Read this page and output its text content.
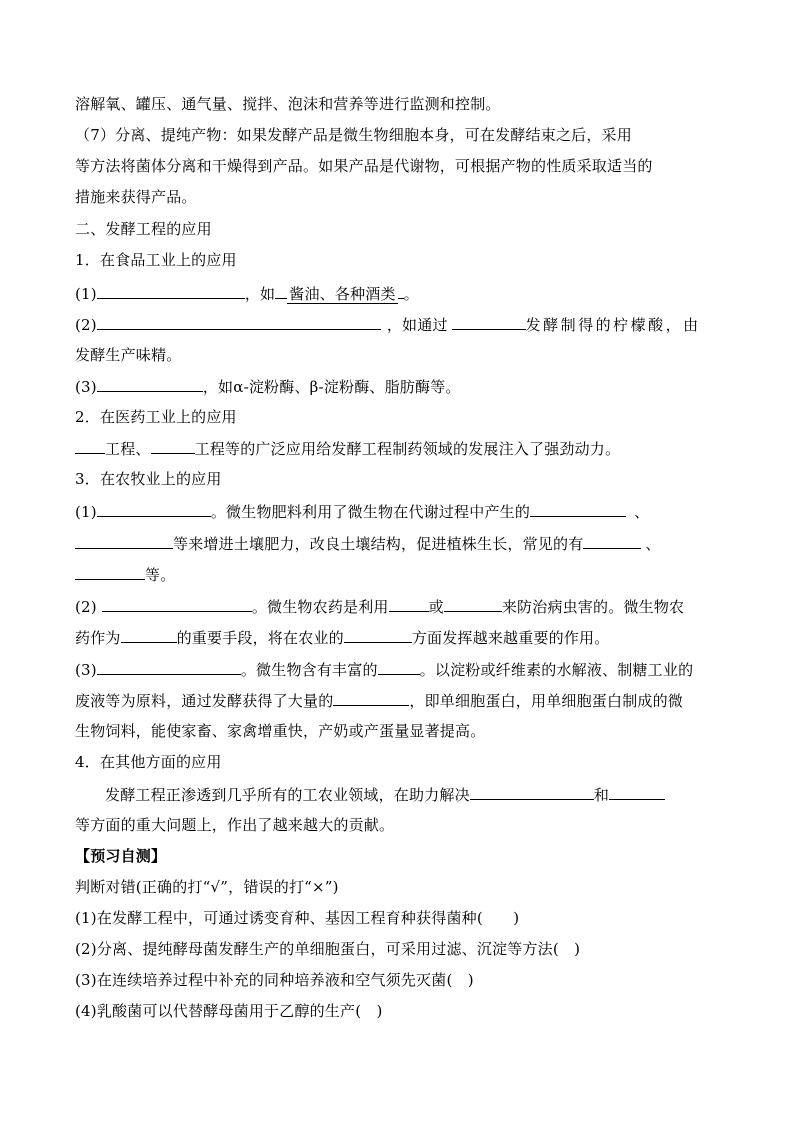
溶解氧、罐压、通气量、搅拌、泡沫和营养等进行监测和控制。
（7）分离、提纯产物：如果发酵产品是微生物细胞本身，可在发酵结束之后，采用
等方法将菌体分离和干燥得到产品。如果产品是代谢物，可根据产物的性质采取适当的
措施来获得产品。
二、发酵工程的应用
1．在食品工业上的应用
(1)	，如 酱油、各种酒类 。
(2)	，如通过	发酵制得的柠檬酸，由
发酵生产味精。
(3)	，如α-淀粉酶、β-淀粉酶、脂肪酶等。
2．在医药工业上的应用
工程、	工程等的广泛应用给发酵工程制药领域的发展注入了强劲动力。
3．在农牧业上的应用
(1)	。微生物肥料利用了微生物在代谢过程中产生的	、
等来增进土壤肥力，改良土壤结构，促进植株生长，常见的有	、
等。
(2)	。微生物农药是利用	或	来防治病虫害的。微生物农
药作为	的重要手段，将在农业的	方面发挥越来越重要的作用。
(3)	。微生物含有丰富的	。以淀粉或纤维素的水解液、制糖工业的
废液等为原料，通过发酵获得了大量的	，即单细胞蛋白，用单细胞蛋白制成的微
生物饲料，能使家畜、家禽增重快，产奶或产蛋量显著提高。
4．在其他方面的应用
发酵工程正渗透到几乎所有的工农业领域，在助力解决	和
等方面的重大问题上，作出了越来越大的贡献。
【预习自测】
判断对错(正确的打“√”，错误的打“×”)
(1)在发酵工程中，可通过诱变育种、基因工程育种获得菌种(　　)
(2)分离、提纯酵母菌发酵生产的单细胞蛋白，可采用过滤、沉淀等方法(　)
(3)在连续培养过程中补充的同种培养液和空气须先灭菌(　)
(4)乳酸菌可以代替酵母菌用于乙醇的生产(　)
